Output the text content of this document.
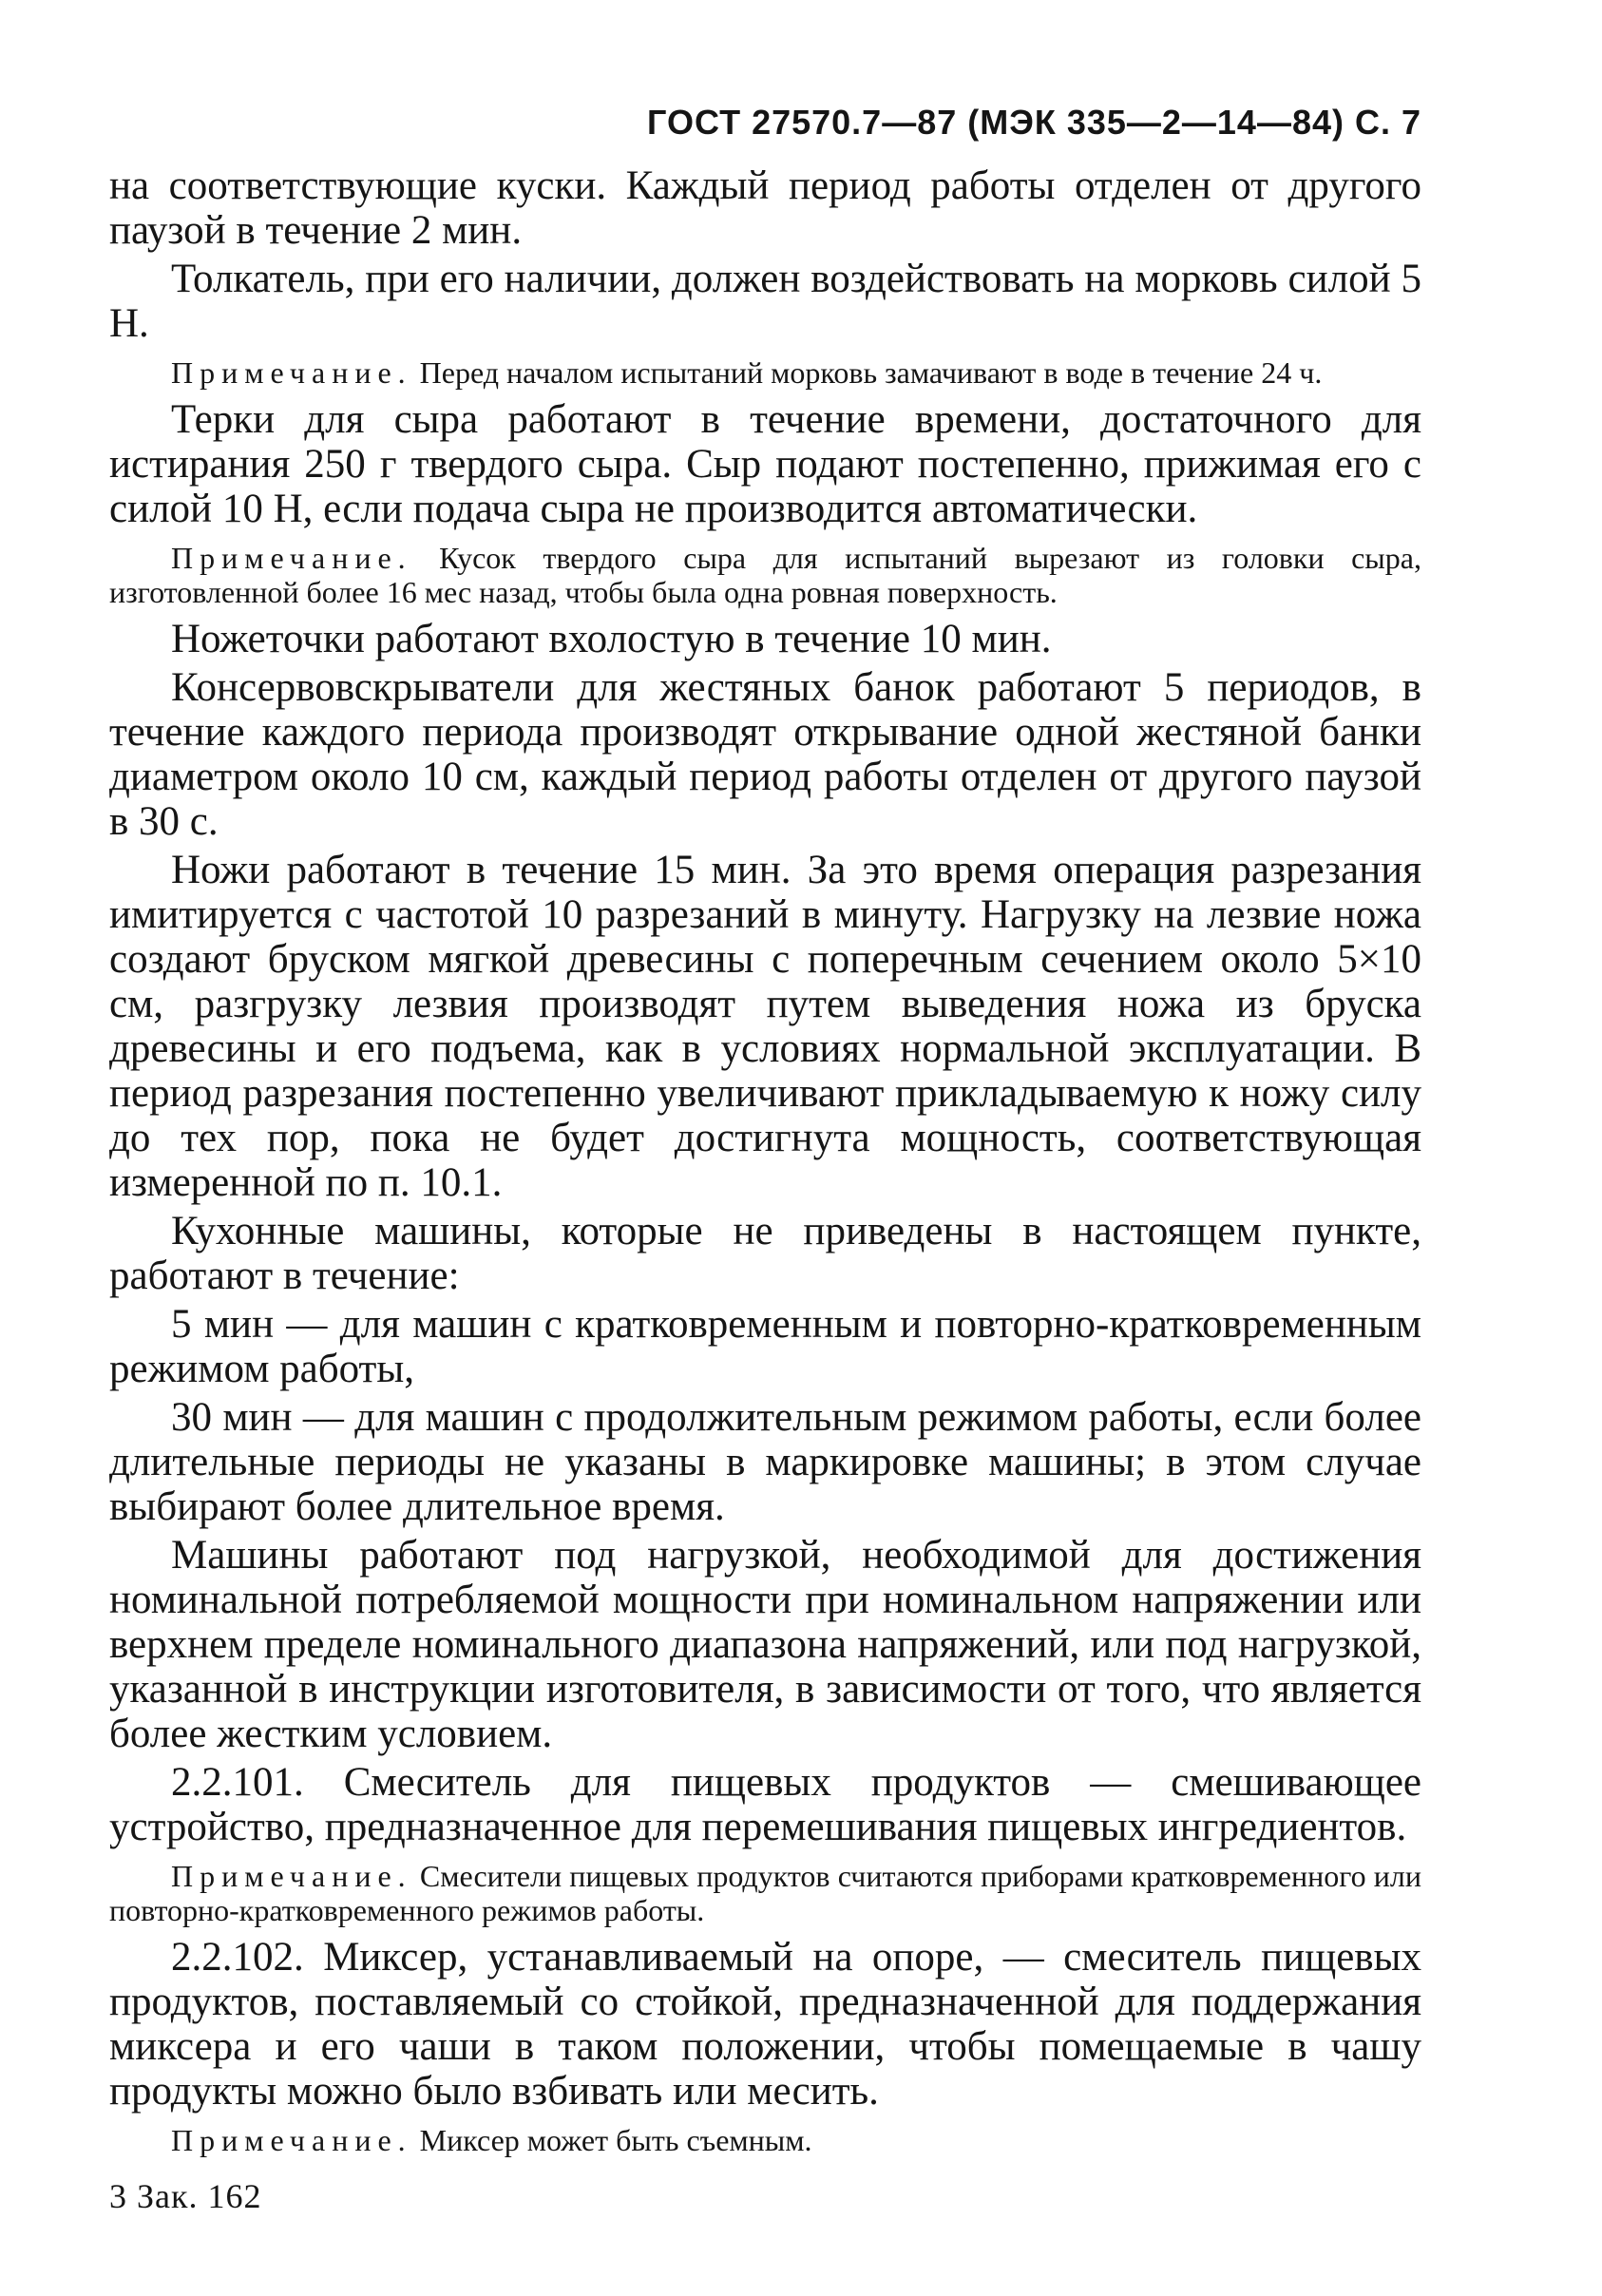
ГОСТ 27570.7—87 (МЭК 335—2—14—84) С. 7

на соответствующие куски. Каждый период работы отделен от другого паузой в течение 2 мин.

Толкатель, при его наличии, должен воздействовать на морковь силой 5 Н.

Примечание. Перед началом испытаний морковь замачивают в воде в течение 24 ч.

Терки для сыра работают в течение времени, достаточного для истирания 250 г твердого сыра. Сыр подают постепенно, прижимая его с силой 10 Н, если подача сыра не производится автоматически.

Примечание. Кусок твердого сыра для испытаний вырезают из головки сыра, изготовленной более 16 мес назад, чтобы была одна ровная поверхность.

Ножеточки работают вхолостую в течение 10 мин.

Консервовскрыватели для жестяных банок работают 5 периодов, в течение каждого периода производят открывание одной жестяной банки диаметром около 10 см, каждый период работы отделен от другого паузой в 30 с.

Ножи работают в течение 15 мин. За это время операция разрезания имитируется с частотой 10 разрезаний в минуту. Нагрузку на лезвие ножа создают бруском мягкой древесины с поперечным сечением около 5×10 см, разгрузку лезвия производят путем выведения ножа из бруска древесины и его подъема, как в условиях нормальной эксплуатации. В период разрезания постепенно увеличивают прикладываемую к ножу силу до тех пор, пока не будет достигнута мощность, соответствующая измеренной по п. 10.1.

Кухонные машины, которые не приведены в настоящем пункте, работают в течение:

5 мин — для машин с кратковременным и повторно-кратковременным режимом работы,

30 мин — для машин с продолжительным режимом работы, если более длительные периоды не указаны в маркировке машины; в этом случае выбирают более длительное время.

Машины работают под нагрузкой, необходимой для достижения номинальной потребляемой мощности при номинальном напряжении или верхнем пределе номинального диапазона напряжений, или под нагрузкой, указанной в инструкции изготовителя, в зависимости от того, что является более жестким условием.

2.2.101. Смеситель для пищевых продуктов — смешивающее устройство, предназначенное для перемешивания пищевых ингредиентов.

Примечание. Смесители пищевых продуктов считаются приборами кратковременного или повторно-кратковременного режимов работы.

2.2.102. Миксер, устанавливаемый на опоре, — смеситель пищевых продуктов, поставляемый со стойкой, предназначенной для поддержания миксера и его чаши в таком положении, чтобы помещаемые в чашу продукты можно было взбивать или месить.

Примечание. Миксер может быть съемным.

3 Зак. 162
